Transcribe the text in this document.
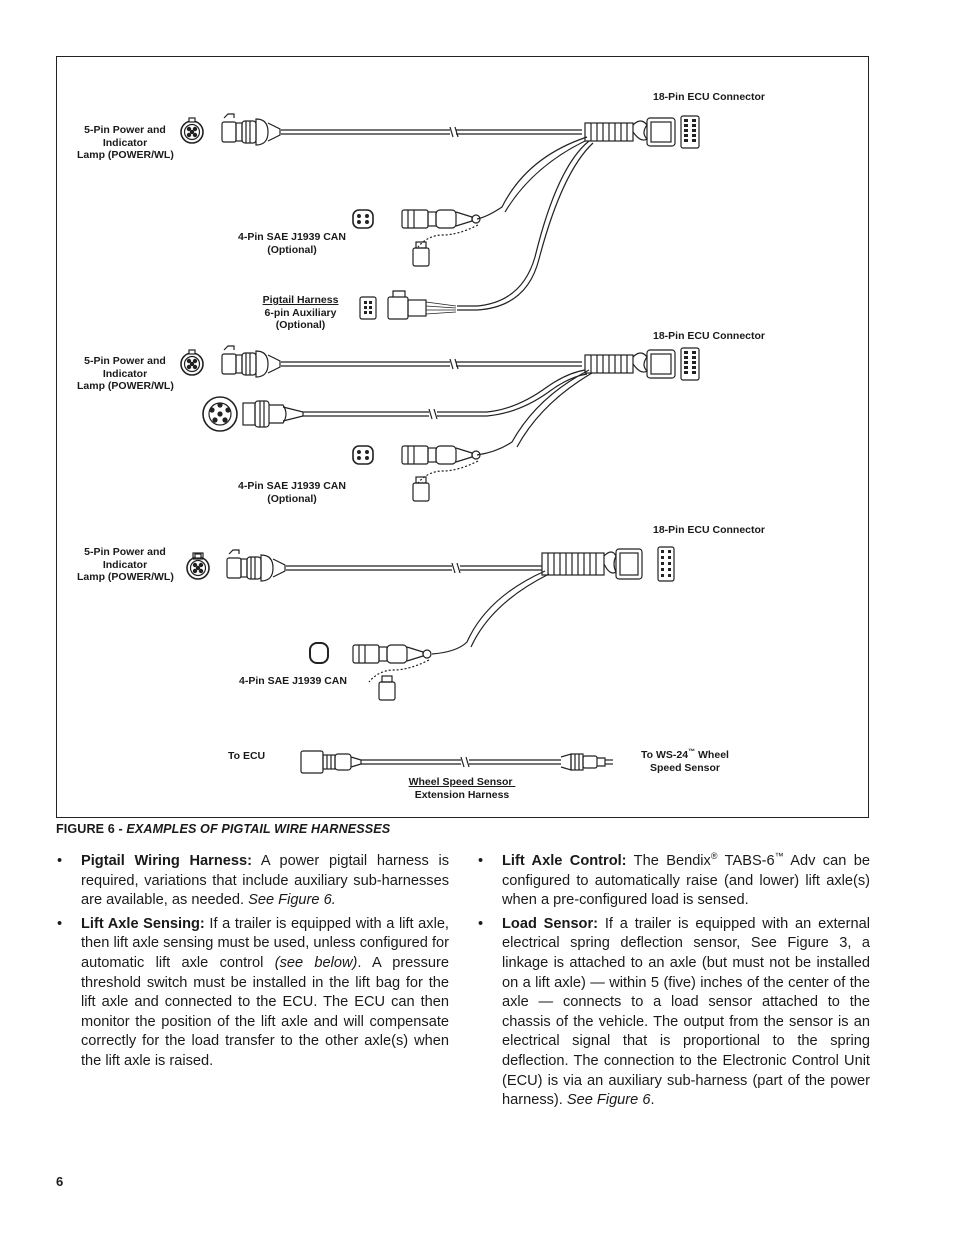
5-Pin Power and
Indicator
Lamp (POWER/WL)
18-Pin ECU Connector
4-Pin SAE J1939 CAN
(Optional)
Pigtail Harness
6-pin Auxiliary
(Optional)
5-Pin Power and
Indicator
Lamp (POWER/WL)
18-Pin ECU Connector
4-Pin SAE J1939 CAN
(Optional)
5-Pin Power and
Indicator
Lamp (POWER/WL)
18-Pin ECU Connector
4-Pin SAE J1939 CAN
To ECU	To WS-24™ Wheel
Speed Sensor
Wheel Speed Sensor
Extension Harness
FIGURE 6 - EXAMPLES OF PIGTAIL WIRE HARNESSES
• Pigtail Wiring Harness: A power pigtail harness is required, variations that include auxiliary sub-harnesses are available, as needed. See Figure 6.
• Lift Axle Sensing: If a trailer is equipped with a lift axle, then lift axle sensing must be used, unless configured for automatic lift axle control (see below). A pressure threshold switch must be installed in the lift bag for the lift axle and connected to the ECU. The ECU can then monitor the position of the lift axle and will compensate correctly for the load transfer to the other axle(s) when the lift axle is raised.
• Lift Axle Control: The Bendix® TABS-6™ Adv can be configured to automatically raise (and lower) lift axle(s) when a pre-configured load is sensed.
• Load Sensor: If a trailer is equipped with an external electrical spring deflection sensor, See Figure 3, a linkage is attached to an axle (but must not be installed on a lift axle) — within 5 (five) inches of the center of the axle — connects to a load sensor attached to the chassis of the vehicle. The output from the sensor is an electrical signal that is proportional to the spring deflection. The connection to the Electronic Control Unit (ECU) is via an auxiliary sub-harness (part of the power harness). See Figure 6.
6
